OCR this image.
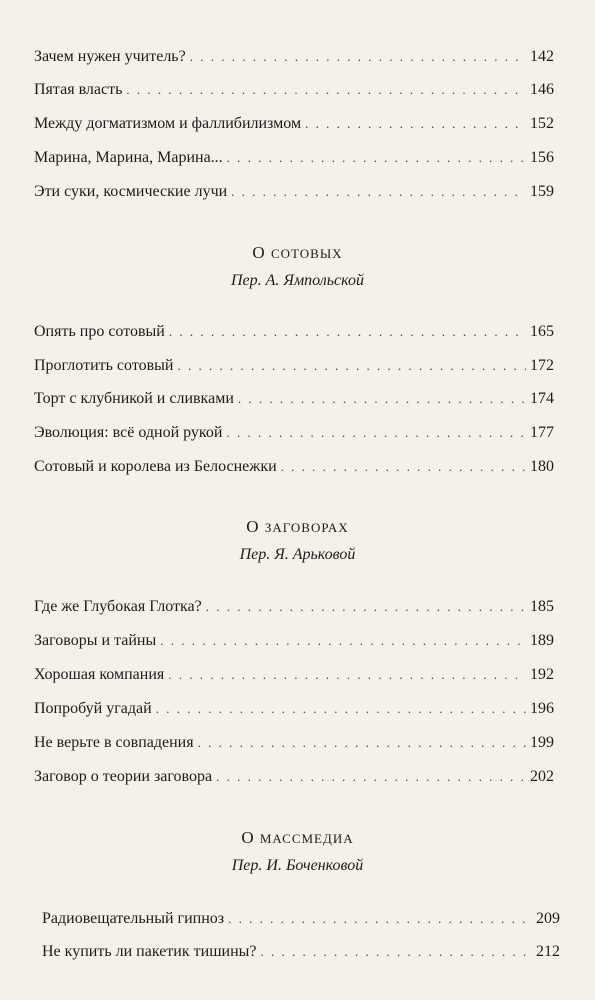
Зачем нужен учитель? . . .	142
Пятая власть . . .	146
Между догматизмом и фаллибилизмом . . .	152
Марина, Марина, Марина... . . .	156
Эти суки, космические лучи . . .	159
О сотовых
Пер. А. Ямпольской
Опять про сотовый . . .	165
Проглотить сотовый . . .	172
Торт с клубникой и сливками . . .	174
Эволюция: всё одной рукой . . .	177
Сотовый и королева из Белоснежки . . .	180
О заговорах
Пер. Я. Арьковой
Где же Глубокая Глотка? . . .	185
Заговоры и тайны . . .	189
Хорошая компания . . .	192
Попробуй угадай . . .	196
Не верьте в совпадения . . .	199
Заговор о теории заговора . . .	202
О массмедиа
Пер. И. Боченковой
Радиовещательный гипноз . . .	209
Не купить ли пакетик тишины? . . .	212
